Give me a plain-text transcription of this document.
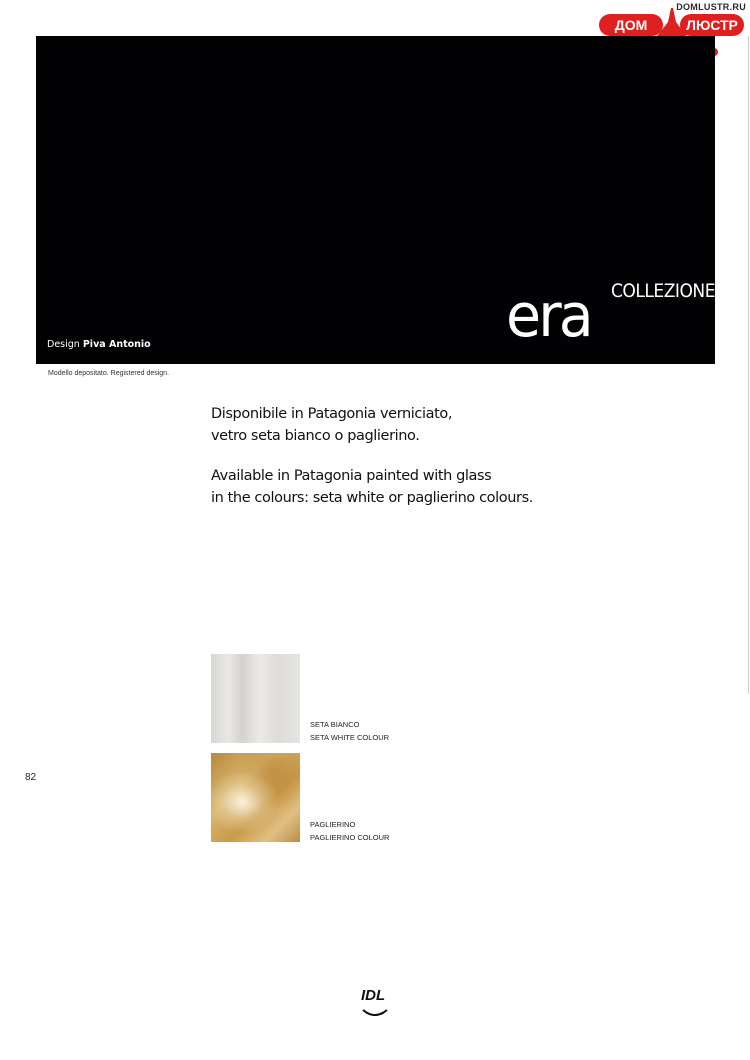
DOMLUSTR.RU
ДОМ	ЛЮСТР
Design Piva Antonio	era COLLEZIONE
Modello depositato. Registered design.

Disponibile in Patagonia verniciato,

vetro seta bianco o paglierino.

Available in Patagonia painted with glass

in the colours: seta white or paglierino colours.

SETA BIANCO
SETA WHITE COLOUR
PAGLIERINO
PAGLIERINO COLOUR
82
IDL
